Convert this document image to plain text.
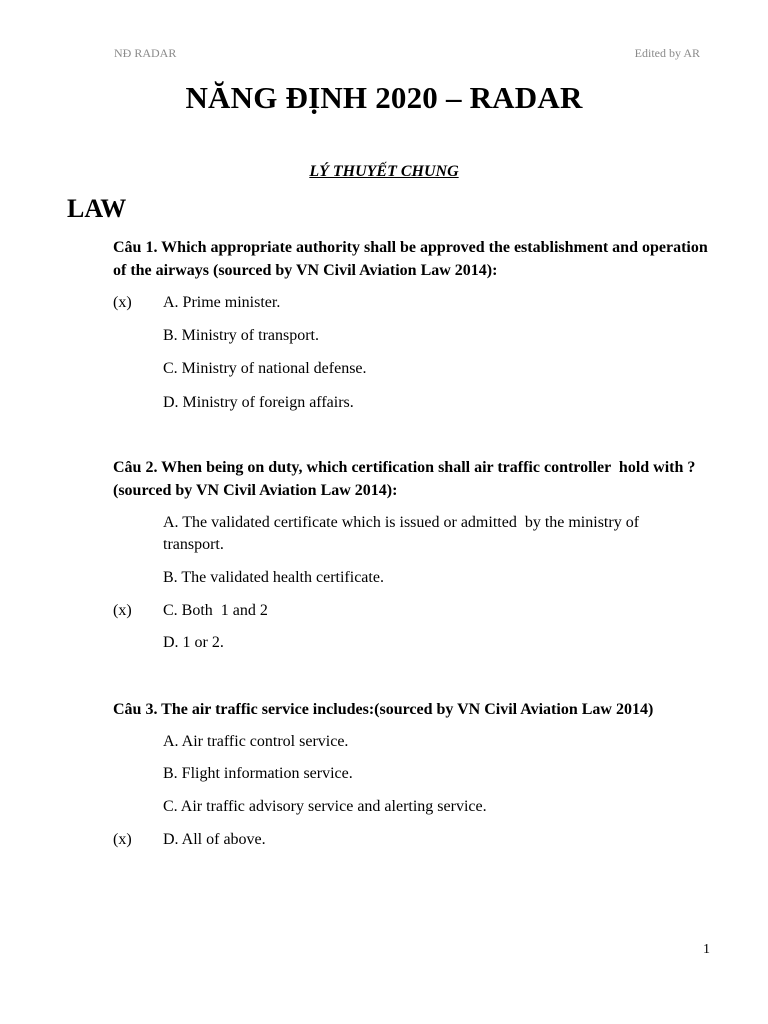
NĐ RADAR	Edited by AR
NĂNG ĐỊNH 2020 – RADAR
LÝ THUYẾT CHUNG
LAW
Câu 1. Which appropriate authority shall be approved the establishment and operation of the airways (sourced by VN Civil Aviation Law 2014):
(x) A. Prime minister.
B. Ministry of transport.
C. Ministry of national defense.
D. Ministry of foreign affairs.
Câu 2. When being on duty, which certification shall air traffic controller  hold with ? (sourced by VN Civil Aviation Law 2014):
A. The validated certificate which is issued or admitted  by the ministry of transport.
B. The validated health certificate.
(x) C. Both  1 and 2
D. 1 or 2.
Câu 3. The air traffic service includes:(sourced by VN Civil Aviation Law 2014)
A. Air traffic control service.
B. Flight information service.
C. Air traffic advisory service and alerting service.
(x) D. All of above.
1
